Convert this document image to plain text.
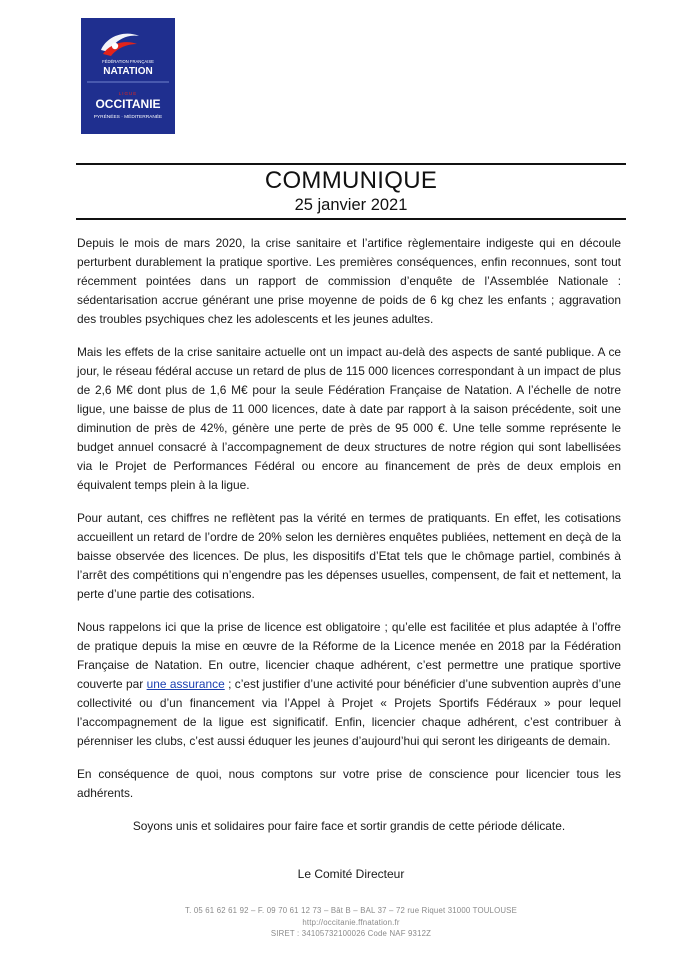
FÉDÉRATION FRANÇAISE
NATATION
LIGUE
OCCITANIE
PYRÉNÉES · MÉDITERRANÉE
COMMUNIQUE
25 janvier 2021

Depuis le mois de mars 2020, la crise sanitaire et l’artifice règlementaire indigeste qui en découle perturbent durablement la pratique sportive. Les premières conséquences, enfin reconnues, sont tout récemment pointées dans un rapport de commission d’enquête de l’Assemblée Nationale : sédentarisation accrue générant une prise moyenne de poids de 6 kg chez les enfants ; aggravation des troubles psychiques chez les adolescents et les jeunes adultes.

Mais les effets de la crise sanitaire actuelle ont un impact au-delà des aspects de santé publique. A ce jour, le réseau fédéral accuse un retard de plus de 115 000 licences correspondant à un impact de plus de 2,6 M€ dont plus de 1,6 M€ pour la seule Fédération Française de Natation. A l’échelle de notre ligue, une baisse de plus de 11 000 licences, date à date par rapport à la saison précédente, soit une diminution de près de 42%, génère une perte de près de 95 000 €. Une telle somme représente le budget annuel consacré à l’accompagnement de deux structures de notre région qui sont labellisées via le Projet de Performances Fédéral ou encore au financement de près de deux emplois en équivalent temps plein à la ligue.

Pour autant, ces chiffres ne reflètent pas la vérité en termes de pratiquants. En effet, les cotisations accueillent un retard de l’ordre de 20% selon les dernières enquêtes publiées, nettement en deçà de la baisse observée des licences. De plus, les dispositifs d’Etat tels que le chômage partiel, combinés à l’arrêt des compétitions qui n’engendre pas les dépenses usuelles, compensent, de fait et nettement, la perte d’une partie des cotisations.

Nous rappelons ici que la prise de licence est obligatoire ; qu’elle est facilitée et plus adaptée à l’offre de pratique depuis la mise en œuvre de la Réforme de la Licence menée en 2018 par la Fédération Française de Natation. En outre, licencier chaque adhérent, c’est permettre une pratique sportive couverte par une assurance ; c’est justifier d’une activité pour bénéficier d’une subvention auprès d’une collectivité ou d’un financement via l’Appel à Projet « Projets Sportifs Fédéraux » pour lequel l’accompagnement de la ligue est significatif. Enfin, licencier chaque adhérent, c’est contribuer à pérenniser les clubs, c’est aussi éduquer les jeunes d’aujourd’hui qui seront les dirigeants de demain.

En conséquence de quoi, nous comptons sur votre prise de conscience pour licencier tous les adhérents.

Soyons unis et solidaires pour faire face et sortir grandis de cette période délicate.

Le Comité Directeur
T. 05 61 62 61 92 – F. 09 70 61 12 73 – Bât B – BAL 37 – 72 rue Riquet 31000 TOULOUSE
http://occitanie.ffnatation.fr
SIRET : 34105732100026 Code NAF 9312Z
